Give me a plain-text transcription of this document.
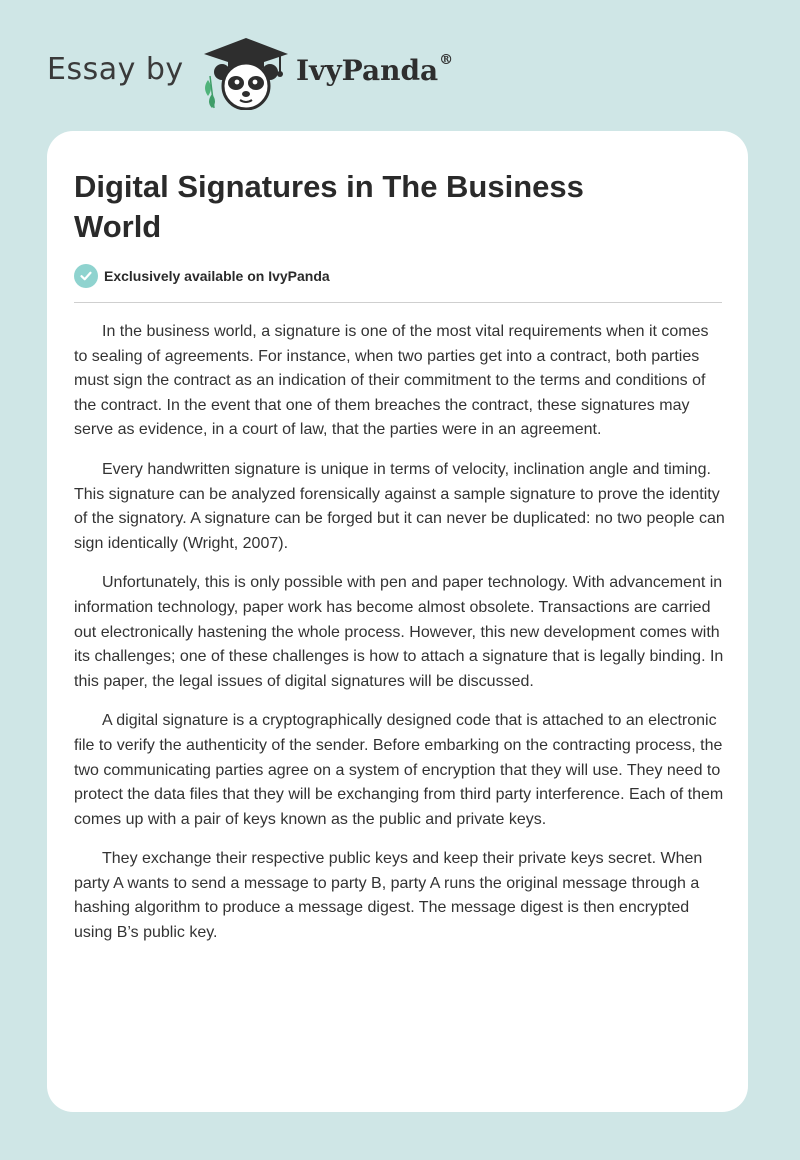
Essay by	IvyPanda®
Digital Signatures in The Business World
Exclusively available on IvyPanda

In the business world, a signature is one of the most vital requirements when it comes to sealing of agreements. For instance, when two parties get into a contract, both parties must sign the contract as an indication of their commitment to the terms and conditions of the contract. In the event that one of them breaches the contract, these signatures may serve as evidence, in a court of law, that the parties were in an agreement.

Every handwritten signature is unique in terms of velocity, inclination angle and timing. This signature can be analyzed forensically against a sample signature to prove the identity of the signatory. A signature can be forged but it can never be duplicated: no two people can sign identically (Wright, 2007).

Unfortunately, this is only possible with pen and paper technology. With advancement in information technology, paper work has become almost obsolete. Transactions are carried out electronically hastening the whole process. However, this new development comes with its challenges; one of these challenges is how to attach a signature that is legally binding. In this paper, the legal issues of digital signatures will be discussed.

A digital signature is a cryptographically designed code that is attached to an electronic file to verify the authenticity of the sender. Before embarking on the contracting process, the two communicating parties agree on a system of encryption that they will use. They need to protect the data files that they will be exchanging from third party interference. Each of them comes up with a pair of keys known as the public and private keys.

They exchange their respective public keys and keep their private keys secret. When party A wants to send a message to party B, party A runs the original message through a hashing algorithm to produce a message digest. The message digest is then encrypted using B’s public key.
